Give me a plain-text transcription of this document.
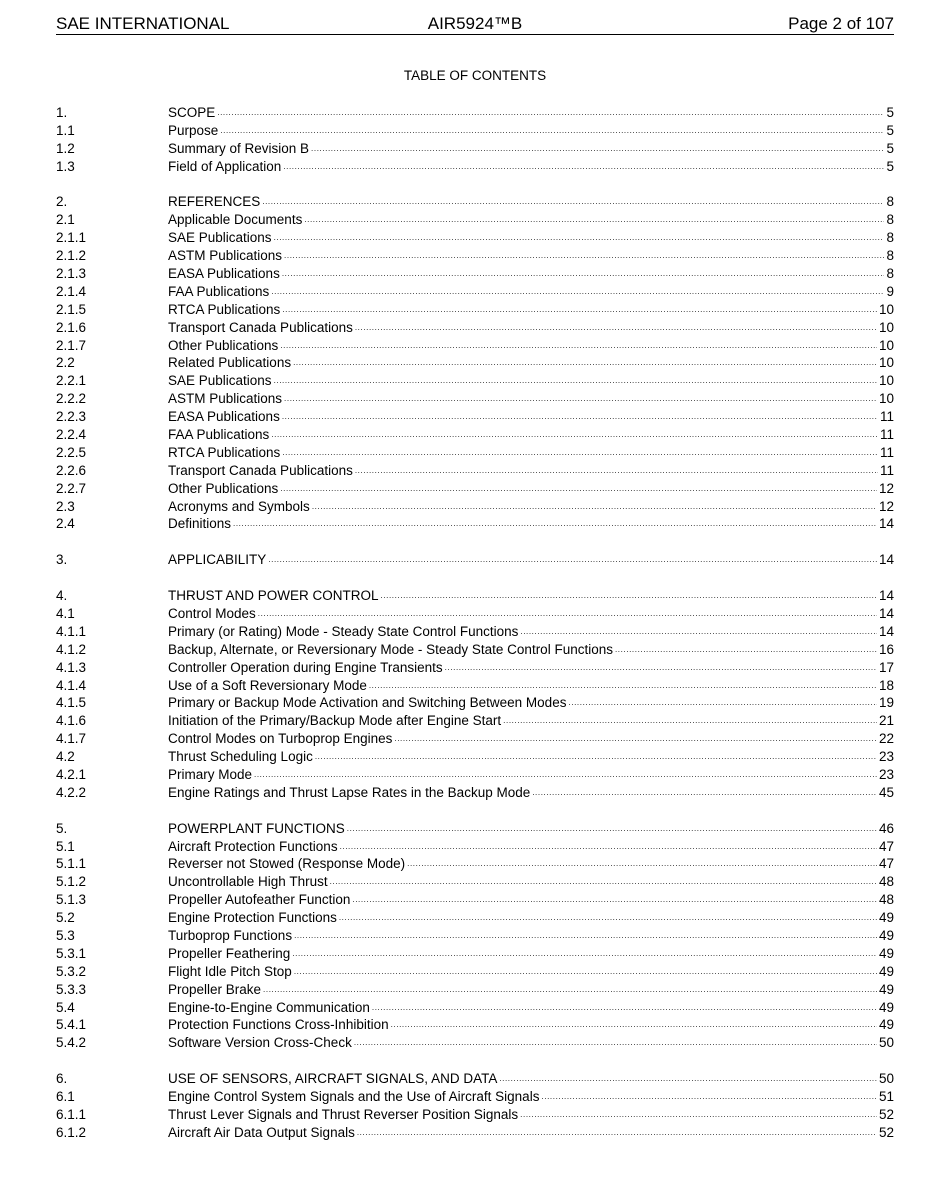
SAE INTERNATIONAL	AIR5924™B	Page 2 of 107
TABLE OF CONTENTS
1.	SCOPE .....	5
1.1	Purpose .....	5
1.2	Summary of Revision B .....	5
1.3	Field of Application .....	5
2.	REFERENCES .....	8
2.1	Applicable Documents .....	8
2.1.1	SAE Publications .....	8
2.1.2	ASTM Publications .....	8
2.1.3	EASA Publications .....	8
2.1.4	FAA Publications .....	9
2.1.5	RTCA Publications .....	10
2.1.6	Transport Canada Publications .....	10
2.1.7	Other Publications .....	10
2.2	Related Publications .....	10
2.2.1	SAE Publications .....	10
2.2.2	ASTM Publications .....	10
2.2.3	EASA Publications .....	11
2.2.4	FAA Publications .....	11
2.2.5	RTCA Publications .....	11
2.2.6	Transport Canada Publications .....	11
2.2.7	Other Publications .....	12
2.3	Acronyms and Symbols .....	12
2.4	Definitions .....	14
3.	APPLICABILITY .....	14
4.	THRUST AND POWER CONTROL .....	14
4.1	Control Modes .....	14
4.1.1	Primary (or Rating) Mode - Steady State Control Functions .....	14
4.1.2	Backup, Alternate, or Reversionary Mode - Steady State Control Functions .....	16
4.1.3	Controller Operation during Engine Transients .....	17
4.1.4	Use of a Soft Reversionary Mode .....	18
4.1.5	Primary or Backup Mode Activation and Switching Between Modes .....	19
4.1.6	Initiation of the Primary/Backup Mode after Engine Start .....	21
4.1.7	Control Modes on Turboprop Engines .....	22
4.2	Thrust Scheduling Logic .....	23
4.2.1	Primary Mode .....	23
4.2.2	Engine Ratings and Thrust Lapse Rates in the Backup Mode .....	45
5.	POWERPLANT FUNCTIONS .....	46
5.1	Aircraft Protection Functions .....	47
5.1.1	Reverser not Stowed (Response Mode) .....	47
5.1.2	Uncontrollable High Thrust .....	48
5.1.3	Propeller Autofeather Function .....	48
5.2	Engine Protection Functions .....	49
5.3	Turboprop Functions .....	49
5.3.1	Propeller Feathering .....	49
5.3.2	Flight Idle Pitch Stop .....	49
5.3.3	Propeller Brake .....	49
5.4	Engine-to-Engine Communication .....	49
5.4.1	Protection Functions Cross-Inhibition .....	49
5.4.2	Software Version Cross-Check .....	50
6.	USE OF SENSORS, AIRCRAFT SIGNALS, AND DATA .....	50
6.1	Engine Control System Signals and the Use of Aircraft Signals .....	51
6.1.1	Thrust Lever Signals and Thrust Reverser Position Signals .....	52
6.1.2	Aircraft Air Data Output Signals .....	52
